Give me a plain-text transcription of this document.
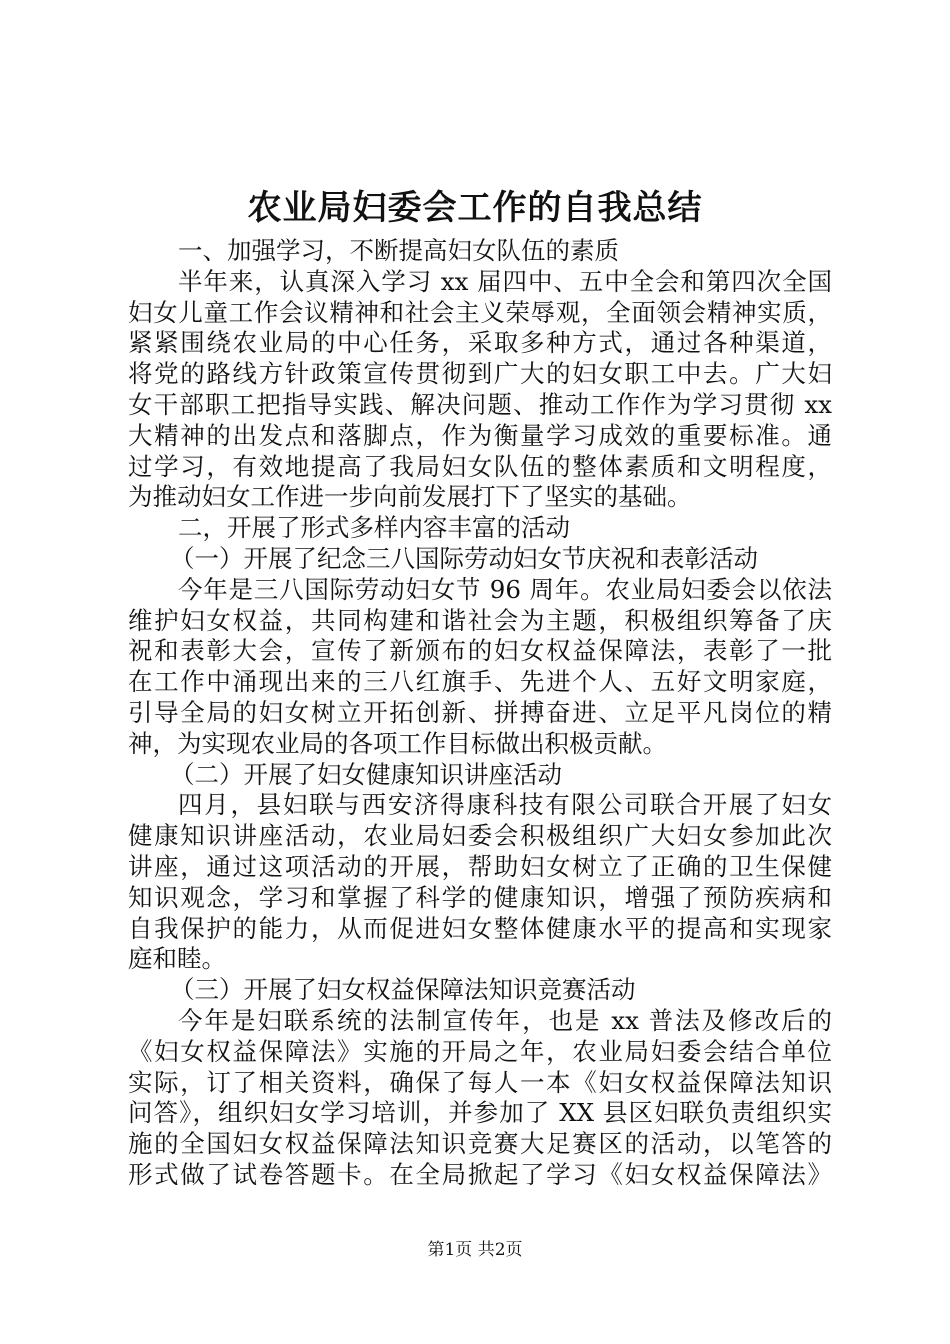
农业局妇委会工作的自我总结
一、加强学习，不断提高妇女队伍的素质
半年来，认真深入学习 xx 届四中、五中全会和第四次全国
妇女儿童工作会议精神和社会主义荣辱观，全面领会精神实质，
紧紧围绕农业局的中心任务，采取多种方式，通过各种渠道，
将党的路线方针政策宣传贯彻到广大的妇女职工中去。广大妇
女干部职工把指导实践、解决问题、推动工作作为学习贯彻 xx
大精神的出发点和落脚点，作为衡量学习成效的重要标准。通
过学习，有效地提高了我局妇女队伍的整体素质和文明程度，
为推动妇女工作进一步向前发展打下了坚实的基础。
二，开展了形式多样内容丰富的活动
（一）开展了纪念三八国际劳动妇女节庆祝和表彰活动
今年是三八国际劳动妇女节 96 周年。农业局妇委会以依法
维护妇女权益，共同构建和谐社会为主题，积极组织筹备了庆
祝和表彰大会，宣传了新颁布的妇女权益保障法，表彰了一批
在工作中涌现出来的三八红旗手、先进个人、五好文明家庭，
引导全局的妇女树立开拓创新、拼搏奋进、立足平凡岗位的精
神，为实现农业局的各项工作目标做出积极贡献。
（二）开展了妇女健康知识讲座活动
四月，县妇联与西安济得康科技有限公司联合开展了妇女
健康知识讲座活动，农业局妇委会积极组织广大妇女参加此次
讲座，通过这项活动的开展，帮助妇女树立了正确的卫生保健
知识观念，学习和掌握了科学的健康知识，增强了预防疾病和
自我保护的能力，从而促进妇女整体健康水平的提高和实现家
庭和睦。
（三）开展了妇女权益保障法知识竞赛活动
今年是妇联系统的法制宣传年，也是 xx 普法及修改后的
《妇女权益保障法》实施的开局之年，农业局妇委会结合单位
实际，订了相关资料，确保了每人一本《妇女权益保障法知识
问答》，组织妇女学习培训，并参加了 XX 县区妇联负责组织实
施的全国妇女权益保障法知识竞赛大足赛区的活动，以笔答的
形式做了试卷答题卡。在全局掀起了学习《妇女权益保障法》
第1页 共2页
